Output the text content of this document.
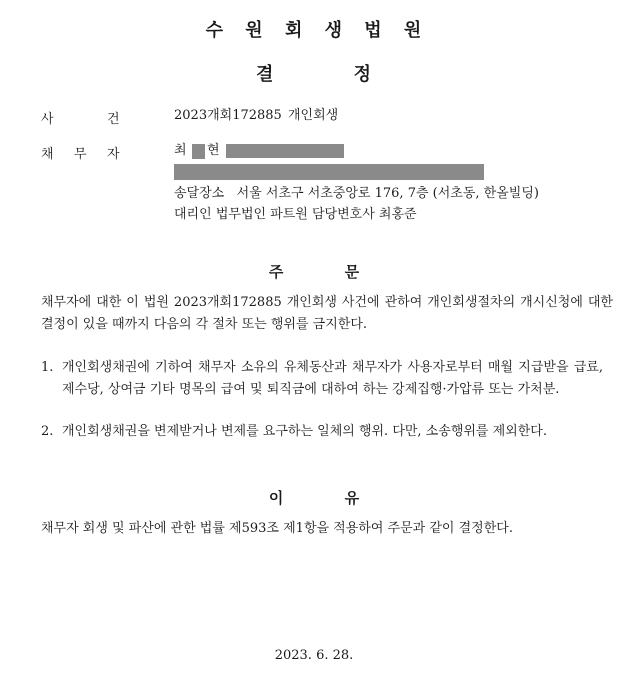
수 원 회 생 법 원
결 정
사	건	2023개회172885 개인회생
채 무 자	최 현
송달장소 서울 서초구 서초중앙로 176, 7층 (서초동, 한올빌딩)
대리인 법무법인 파트원 담당변호사 최홍준
주 문
채무자에 대한 이 법원 2023개회172885 개인회생 사건에 관하여 개인회생절차의 개시신청에 대한 결정이 있을 때까지 다음의 각 절차 또는 행위를 금지한다.
1. 개인회생채권에 기하여 채무자 소유의 유체동산과 채무자가 사용자로부터 매월 지급받을 급료, 제수당, 상여금 기타 명목의 급여 및 퇴직금에 대하여 하는 강제집행·가압류 또는 가처분.
2. 개인회생채권을 변제받거나 변제를 요구하는 일체의 행위. 다만, 소송행위를 제외한다.
이 유
채무자 회생 및 파산에 관한 법률 제593조 제1항을 적용하여 주문과 같이 결정한다.
2023. 6. 28.
